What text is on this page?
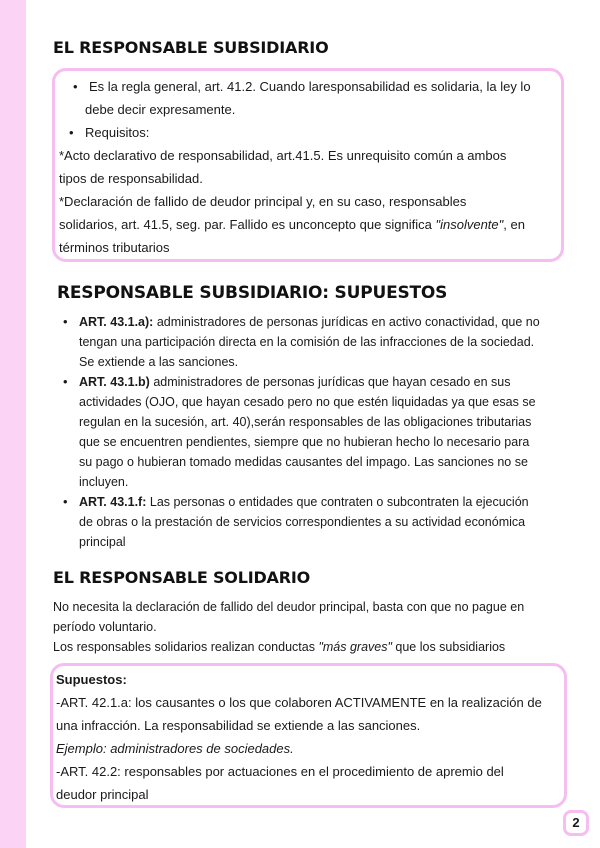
EL RESPONSABLE SUBSIDIARIO
• Es la regla general, art. 41.2. Cuando laresponsabilidad es solidaria, la ley lo
debe decir expresamente.
• Requisitos:
*Acto declarativo de responsabilidad, art.41.5. Es unrequisito común a ambos
tipos de responsabilidad.
*Declaración de fallido de deudor principal y, en su caso, responsables
solidarios, art. 41.5, seg. par. Fallido es unconcepto que significa "insolvente", en
términos tributarios
RESPONSABLE SUBSIDIARIO: SUPUESTOS
• ART. 43.1.a): administradores de personas jurídicas en activo conactividad, que no
tengan una participación directa en la comisión de las infracciones de la sociedad.
Se extiende a las sanciones.
• ART. 43.1.b) administradores de personas jurídicas que hayan cesado en sus
actividades (OJO, que hayan cesado pero no que estén liquidadas ya que esas se
regulan en la sucesión, art. 40),serán responsables de las obligaciones tributarias
que se encuentren pendientes, siempre que no hubieran hecho lo necesario para
su pago o hubieran tomado medidas causantes del impago. Las sanciones no se
incluyen.
• ART. 43.1.f: Las personas o entidades que contraten o subcontraten la ejecución
de obras o la prestación de servicios correspondientes a su actividad económica
principal
EL RESPONSABLE SOLIDARIO
No necesita la declaración de fallido del deudor principal, basta con que no pague en
período voluntario.
Los responsables solidarios realizan conductas "más graves" que los subsidiarios
Supuestos:
-ART. 42.1.a: los causantes o los que colaboren ACTIVAMENTE en la realización de
una infracción. La responsabilidad se extiende a las sanciones.
Ejemplo: administradores de sociedades.
-ART. 42.2: responsables por actuaciones en el procedimiento de apremio del
deudor principal
2
